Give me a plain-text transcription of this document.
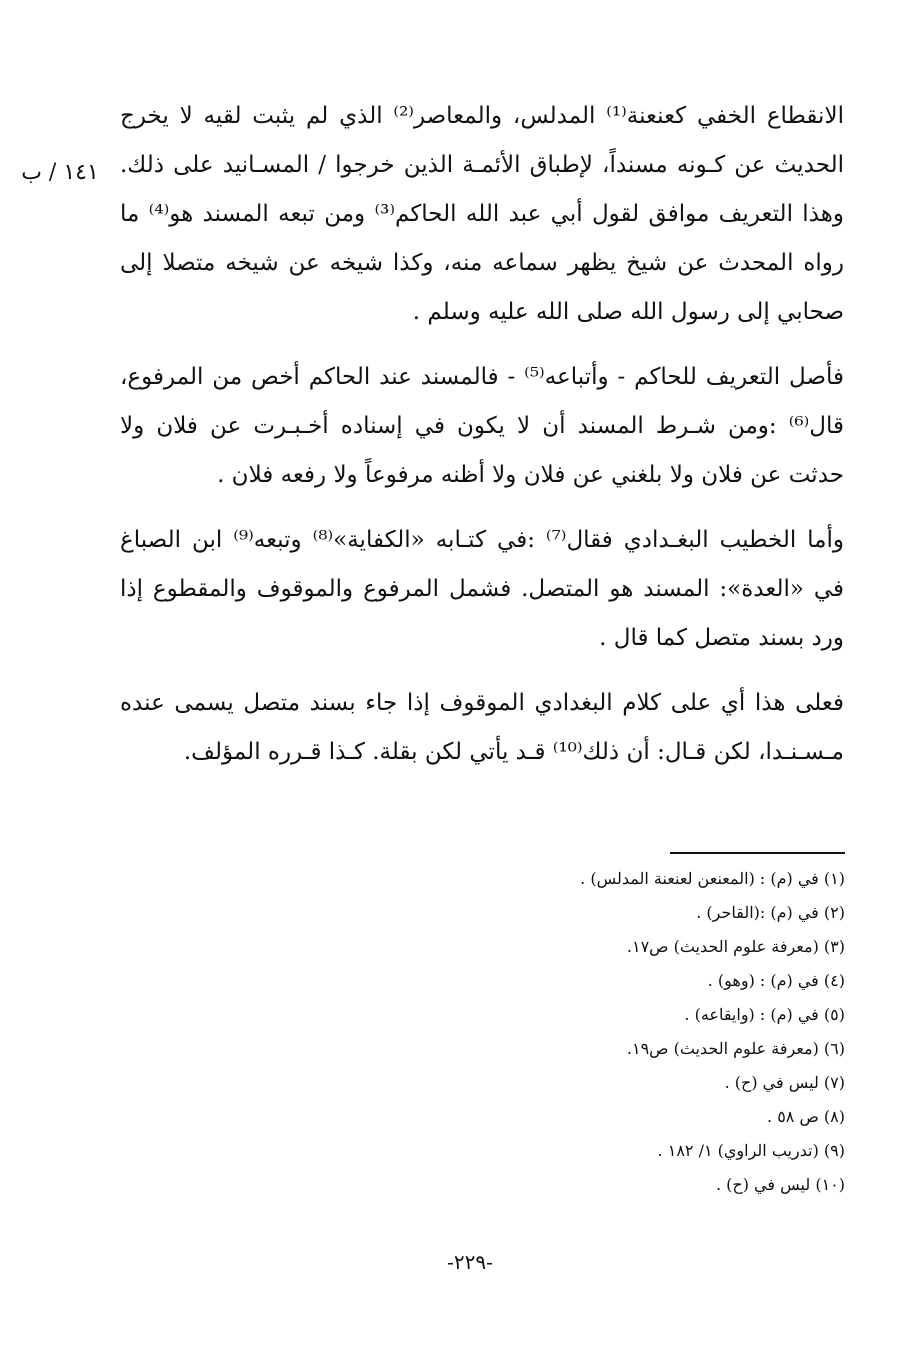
١٤١ / ب

الانقطاع الخفي كعنعنة⁽¹⁾ المدلس، والمعاصر⁽²⁾ الذي لم يثبت لقيه لا يخرج الحديث عن كـونه مسنداً، لإطباق الأئمـة الذين خرجوا / المسـانيد على ذلك. وهذا التعريف موافق لقول أبي عبد الله الحاكم⁽³⁾ ومن تبعه المسند هو⁽⁴⁾ ما رواه المحدث عن شيخ يظهر سماعه منه، وكذا شيخه عن شيخه متصلا إلى صحابي إلى رسول الله صلى الله عليه وسلم .

فأصل التعريف للحاكم - وأتباعه⁽⁵⁾ - فالمسند عند الحاكم أخص من المرفوع، قال⁽⁶⁾ :ومن شـرط المسند أن لا يكون في إسناده أخـبـرت عن فلان ولا حدثت عن فلان ولا بلغني عن فلان ولا أظنه مرفوعاً ولا رفعه فلان .

وأما الخطيب البغـدادي فقال⁽⁷⁾ :في كتـابه «الكفاية»⁽⁸⁾ وتبعه⁽⁹⁾ ابن الصباغ في «العدة»: المسند هو المتصل. فشمل المرفوع والموقوف والمقطوع إذا ورد بسند متصل كما قال .

فعلى هذا أي على كلام البغدادي الموقوف إذا جاء بسند متصل يسمى عنده مـسـنـدا، لكن قـال: أن ذلك⁽¹⁰⁾ قـد يأتي لكن بقلة. كـذا قـرره المؤلف.

(١) في (م) : (المعنعن لعنعنة المدلس) .
(٢) في (م) :(القاحر) .
(٣) (معرفة علوم الحديث) ص١٧.
(٤) في (م) : (وهو) .
(٥) في (م) : (وايقاعه) .
(٦) (معرفة علوم الحديث) ص١٩.
(٧) ليس في (ح) .
(٨) ص ٥٨ .
(٩) (تدريب الراوي) ١/ ١٨٢ .
(١٠) ليس في (ح) .
-٢٢٩-
